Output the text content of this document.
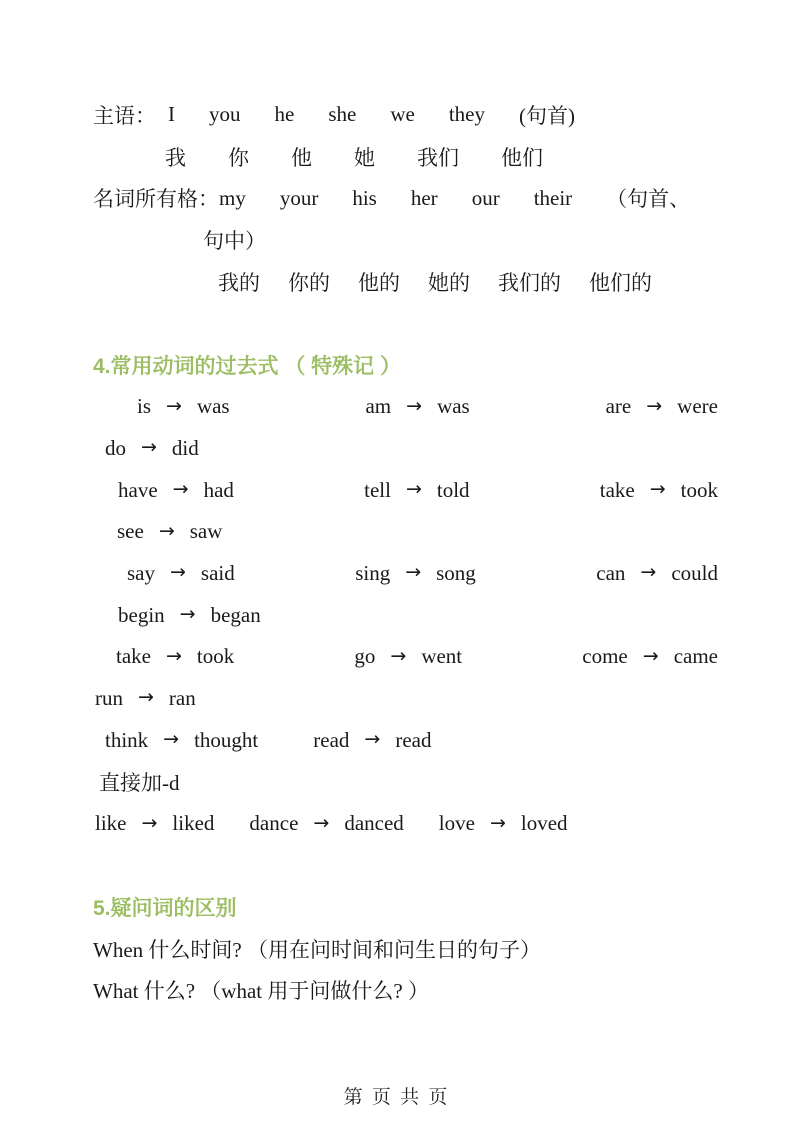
主语： I you he she we they (句首)
我 你 他 她 我们 他们
名词所有格： my your his her our their （句首、
句中）
我的 你的 他的 她的 我们的 他们的
4.常用动词的过去式 （ 特殊记 ）
is → was	am → was	are → were
do → did
have → had	tell → told	take → took
see → saw
say → said	sing → song	can → could
begin → began
take → took	go → went	come → came
run → ran
think → thought	read → read
直接加-d
like → liked dance → danced love → loved
5.疑问词的区别
When 什么时间? （用在问时间和问生日的句子）
What 什么? （what 用于问做什么? ）
第 页 共 页
